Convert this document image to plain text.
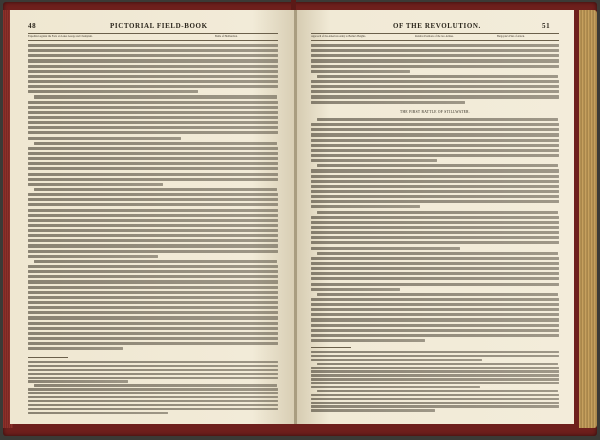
48	PICTORIAL FIELD-BOOK
Expedition against the Forts on Lakes George and Champlain.	Battle of Hubbardton.
OF THE REVOLUTION.	51
Approach of the American Army to Bemis's Heights.	Relative Positions of the two Armies.	Burgoyne's Plan of Attack.
THE FIRST BATTLE OF STILLWATER.
